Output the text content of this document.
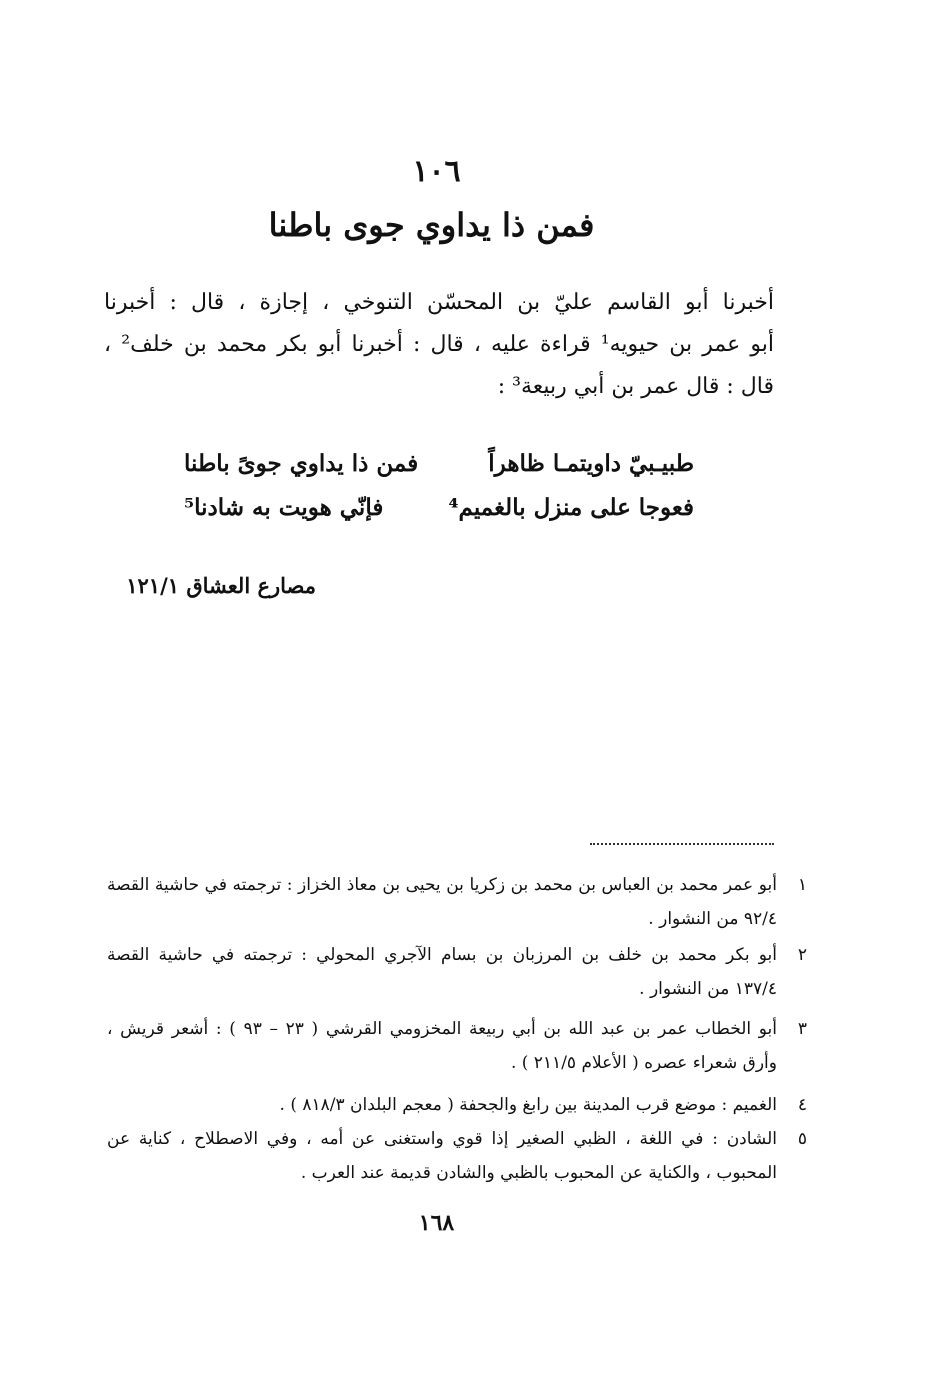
١٠٦
فمن ذا يداوي جوى باطنا
أخبرنا أبو القاسم عليّ بن المحسّن التنوخي ، إجازة ، قال : أخبرنا
أبو عمر بن حيويه¹ قراءة عليه ، قال : أخبرنا أبو بكر محمد بن خلف² ،
قال : قال عمر بن أبي ربيعة³ :
طبيـبيّ داويتمـا ظاهراً
فمن ذا يداوي جوىً باطنا
فعوجا على منزل بالغميم⁴
فإنّي هويت به شادنا⁵
مصارع العشاق ١٢١/١
١
أبو عمر محمد بن العباس بن محمد بن زكريا بن يحيى بن معاذ الخزاز : ترجمته في حاشية القصة
٩٢/٤ من النشوار .
٢
أبو بكر محمد بن خلف بن المرزبان بن بسام الآجري المحولي : ترجمته في حاشية القصة
١٣٧/٤ من النشوار .
٣
أبو الخطاب عمر بن عبد الله بن أبي ربيعة المخزومي القرشي ( ٢٣ – ٩٣ ) : أشعر قريش ،
وأرق شعراء عصره ( الأعلام ٢١١/٥ ) .
٤
الغميم : موضع قرب المدينة بين رابغ والجحفة ( معجم البلدان ٨١٨/٣ ) .
٥
الشادن : في اللغة ، الظبي الصغير إذا قوي واستغنى عن أمه ، وفي الاصطلاح ، كناية عن
المحبوب ، والكناية عن المحبوب بالظبي والشادن قديمة عند العرب .
١٦٨
